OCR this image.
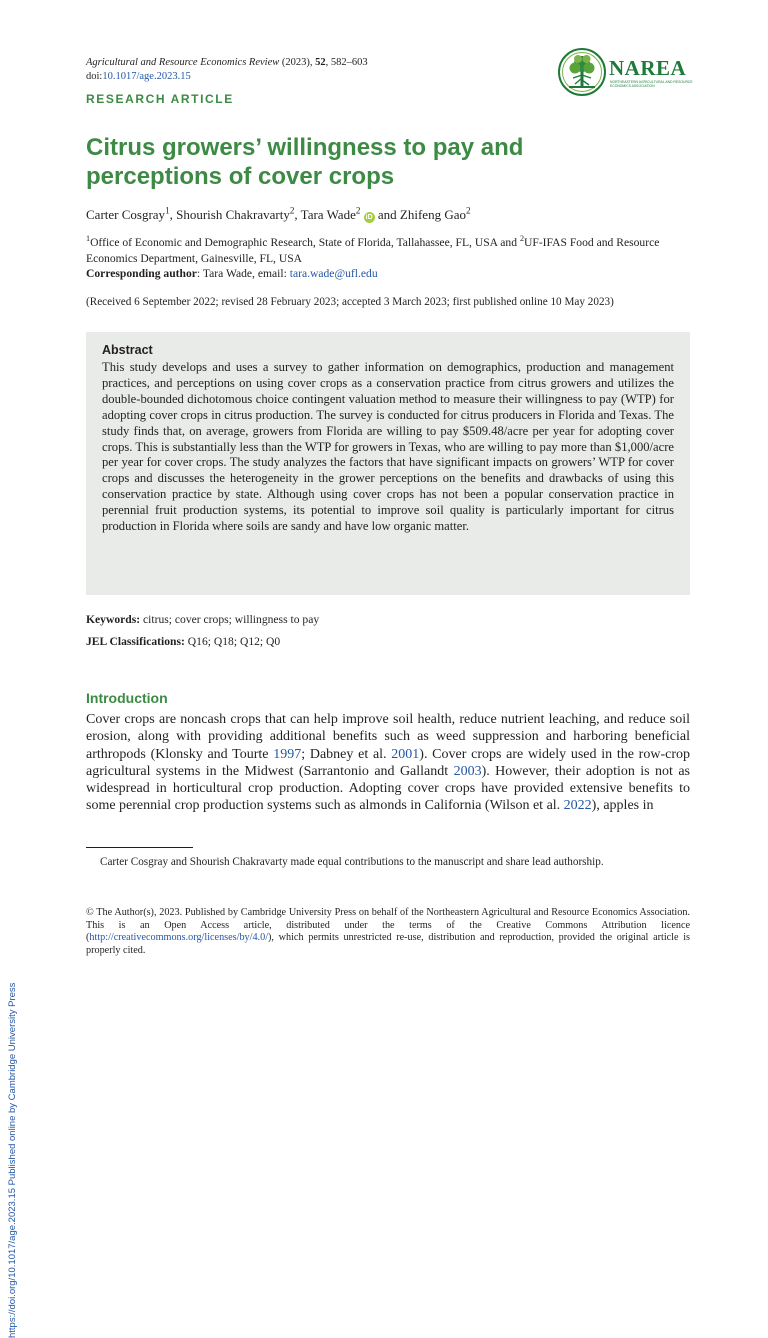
https://doi.org/10.1017/age.2023.15 Published online by Cambridge University Press
Agricultural and Resource Economics Review (2023), 52, 582–603
doi:10.1017/age.2023.15	NAREA
NORTHEASTERN AGRICULTURAL AND RESOURCE ECONOMICS ASSOCIATION
RESEARCH ARTICLE
Citrus growers’ willingness to pay and perceptions of cover crops
Carter Cosgray$^1$, Shourish Chakravarty$^2$, Tara Wade$^2$ iD and Zhifeng Gao$^2$
$^1$Office of Economic and Demographic Research, State of Florida, Tallahassee, FL, USA and $^2$UF-IFAS Food and Resource Economics Department, Gainesville, FL, USA
Corresponding author: Tara Wade, email: tara.wade@ufl.edu
(Received 6 September 2022; revised 28 February 2023; accepted 3 March 2023; first published online 10 May 2023)
Abstract

This study develops and uses a survey to gather information on demographics, production and management practices, and perceptions on using cover crops as a conservation practice from citrus growers and utilizes the double-bounded dichotomous choice contingent valuation method to measure their willingness to pay (WTP) for adopting cover crops in citrus production. The survey is conducted for citrus producers in Florida and Texas. The study finds that, on average, growers from Florida are willing to pay $509.48/acre per year for adopting cover crops. This is substantially less than the WTP for growers in Texas, who are willing to pay more than $1,000/acre per year for cover crops. The study analyzes the factors that have significant impacts on growers’ WTP for cover crops and discusses the heterogeneity in the grower perceptions on the benefits and drawbacks of using this conservation practice by state. Although using cover crops has not been a popular conservation practice in perennial fruit production systems, its potential to improve soil quality is particularly important for citrus production in Florida where soils are sandy and have low organic matter.

Keywords: citrus; cover crops; willingness to pay
JEL Classifications: Q16; Q18; Q12; Q0
Introduction

Cover crops are noncash crops that can help improve soil health, reduce nutrient leaching, and reduce soil erosion, along with providing additional benefits such as weed suppression and harboring beneficial arthropods (Klonsky and Tourte 1997; Dabney et al. 2001). Cover crops are widely used in the row-crop agricultural systems in the Midwest (Sarrantonio and Gallandt 2003). However, their adoption is not as widespread in horticultural crop production. Adopting cover crops have provided extensive benefits to some perennial crop production systems such as almonds in California (Wilson et al. 2022), apples in

Carter Cosgray and Shourish Chakravarty made equal contributions to the manuscript and share lead authorship.

© The Author(s), 2023. Published by Cambridge University Press on behalf of the Northeastern Agricultural and Resource Economics Association. This is an Open Access article, distributed under the terms of the Creative Commons Attribution licence (http://creativecommons.org/licenses/by/4.0/), which permits unrestricted re-use, distribution and reproduction, provided the original article is properly cited.
